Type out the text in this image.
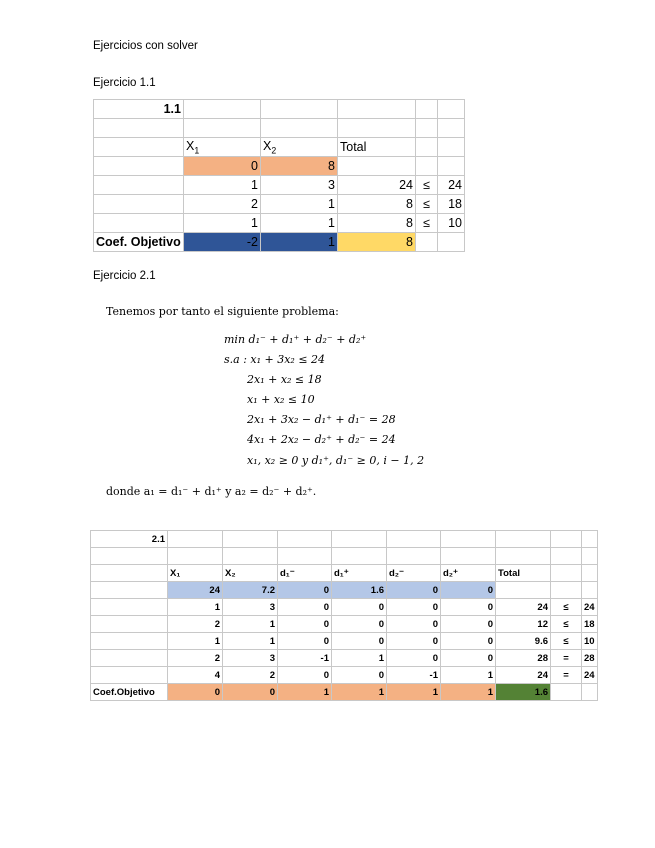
Ejercicios con solver
Ejercicio 1.1
1.1					

	$X_1$	$X_2$	Total		
	0	8			
	1	3	24	≤	24
	2	1	8	≤	18
	1	1	8	≤	10
Coef. Objetivo	-2	1	8		
Ejercicio 2.1
Tenemos por tanto el siguiente problema:
min d₁⁻ + d₁⁺ + d₂⁻ + d₂⁺
s.a : x₁ + 3x₂ ≤ 24
2x₁ + x₂ ≤ 18
x₁ + x₂ ≤ 10
2x₁ + 3x₂ − d₁⁺ + d₁⁻ = 28
4x₁ + 2x₂ − d₂⁺ + d₂⁻ = 24
x₁, x₂ ≥ 0 y d₁⁺, d₁⁻ ≥ 0, i − 1, 2
donde a₁ = d₁⁻ + d₁⁺ y a₂ = d₂⁻ + d₂⁺.
2.1									

	X₁	X₂	d₁⁻	d₁⁺	d₂⁻	d₂⁺	Total		
	24	7.2	0	1.6	0	0			
	1	3	0	0	0	0	24	≤	24
	2	1	0	0	0	0	12	≤	18
	1	1	0	0	0	0	9.6	≤	10
	2	3	-1	1	0	0	28	=	28
	4	2	0	0	-1	1	24	=	24
Coef.Objetivo	0	0	1	1	1	1	1.6		
